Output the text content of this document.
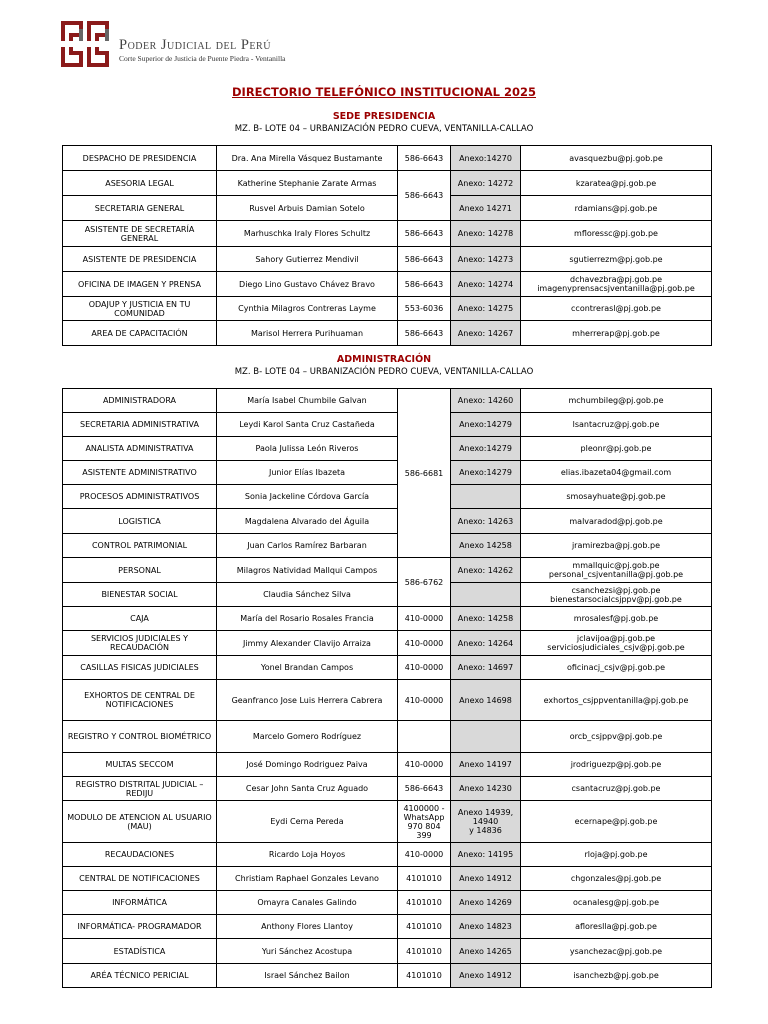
Poder Judicial del Perú
Corte Superior de Justicia de Puente Piedra - Ventanilla
DIRECTORIO TELEFÓNICO INSTITUCIONAL 2025
SEDE PRESIDENCIA
MZ. B- LOTE 04 – URBANIZACIÓN PEDRO CUEVA, VENTANILLA-CALLAO
DESPACHO DE PRESIDENCIA	Dra. Ana Mirella Vásquez Bustamante	586-6643	Anexo:14270	avasquezbu@pj.gob.pe
ASESORIA LEGAL	Katherine Stephanie Zarate Armas	586-6643	Anexo: 14272	kzaratea@pj.gob.pe
SECRETARIA GENERAL	Rusvel Arbuis Damian Sotelo		Anexo 14271	rdamians@pj.gob.pe
ASISTENTE DE SECRETARÍA GENERAL	Marhuschka Iraly Flores Schultz	586-6643	Anexo: 14278	mfloressc@pj.gob.pe
ASISTENTE DE PRESIDENCIA	Sahory Gutierrez Mendivil	586-6643	Anexo: 14273	sgutierrezm@pj.gob.pe
OFICINA DE IMAGEN Y PRENSA	Diego Lino Gustavo Chávez Bravo	586-6643	Anexo: 14274	dchavezbra@pj.gob.pe
imagenyprensacsjventanilla@pj.gob.pe
ODAJUP Y JUSTICIA EN TU COMUNIDAD	Cynthia Milagros Contreras Layme	553-6036	Anexo: 14275	ccontrerasl@pj.gob.pe
AREA DE CAPACITACIÓN	Marisol Herrera Purihuaman	586-6643	Anexo: 14267	mherrerap@pj.gob.pe
ADMINISTRACIÓN
MZ. B- LOTE 04 – URBANIZACIÓN PEDRO CUEVA, VENTANILLA-CALLAO
ADMINISTRADORA	María Isabel Chumbile Galvan	586-6681	Anexo: 14260	mchumbileg@pj.gob.pe
SECRETARIA ADMINISTRATIVA	Leydi Karol Santa Cruz Castañeda		Anexo:14279	lsantacruz@pj.gob.pe
ANALISTA ADMINISTRATIVA	Paola Julissa León Riveros		Anexo:14279	pleonr@pj.gob.pe
ASISTENTE ADMINISTRATIVO	Junior Elías Ibazeta		Anexo:14279	elias.ibazeta04@gmail.com
PROCESOS ADMINISTRATIVOS	Sonia Jackeline Córdova García			smosayhuate@pj.gob.pe
LOGISTICA	Magdalena Alvarado del Águila		Anexo: 14263	malvaradod@pj.gob.pe
CONTROL PATRIMONIAL	Juan Carlos Ramírez Barbaran		Anexo 14258	jramirezba@pj.gob.pe
PERSONAL	Milagros Natividad Mallqui Campos	586-6762	Anexo: 14262	mmallquic@pj.gob.pe
personal_csjventanilla@pj.gob.pe
BIENESTAR SOCIAL	Claudia Sánchez Silva			csanchezsi@pj.gob.pe
bienestarsocialcsjppv@pj.gob.pe
CAJA	María del Rosario Rosales Francia	410-0000	Anexo: 14258	mrosalesf@pj.gob.pe
SERVICIOS JUDICIALES Y RECAUDACIÓN	Jimmy Alexander Clavijo Arraiza	410-0000	Anexo: 14264	jclavijoa@pj.gob.pe
serviciosjudiciales_csjv@pj.gob.pe
CASILLAS FISICAS JUDICIALES	Yonel Brandan Campos	410-0000	Anexo: 14697	oficinacj_csjv@pj.gob.pe
EXHORTOS DE CENTRAL DE NOTIFICACIONES	Geanfranco Jose Luis Herrera Cabrera	410-0000	Anexo 14698	exhortos_csjppventanilla@pj.gob.pe
REGISTRO Y CONTROL BIOMÉTRICO	Marcelo Gomero Rodríguez			orcb_csjppv@pj.gob.pe
MULTAS SECCOM	José Domingo Rodriguez Paiva	410-0000	Anexo 14197	jrodriguezp@pj.gob.pe
REGISTRO DISTRITAL JUDICIAL – REDIJU	Cesar John Santa Cruz Aguado	586-6643	Anexo 14230	csantacruz@pj.gob.pe
MODULO DE ATENCION AL USUARIO (MAU)	Eydi Cerna Pereda	4100000 - WhatsApp
970 804
399	Anexo 14939, 14940
y 14836	ecernape@pj.gob.pe
RECAUDACIONES	Ricardo Loja Hoyos	410-0000	Anexo: 14195	rloja@pj.gob.pe
CENTRAL DE NOTIFICACIONES	Christiam Raphael Gonzales Levano	4101010	Anexo 14912	chgonzales@pj.gob.pe
INFORMÁTICA	Omayra Canales Galindo	4101010	Anexo 14269	ocanalesg@pj.gob.pe
INFORMÁTICA- PROGRAMADOR	Anthony Flores Llantoy	4101010	Anexo 14823	afloreslla@pj.gob.pe
ESTADÍSTICA	Yuri Sánchez Acostupa	4101010	Anexo 14265	ysanchezac@pj.gob.pe
ARÉA TÉCNICO PERICIAL	Israel Sánchez Bailon	4101010	Anexo 14912	isanchezb@pj.gob.pe
